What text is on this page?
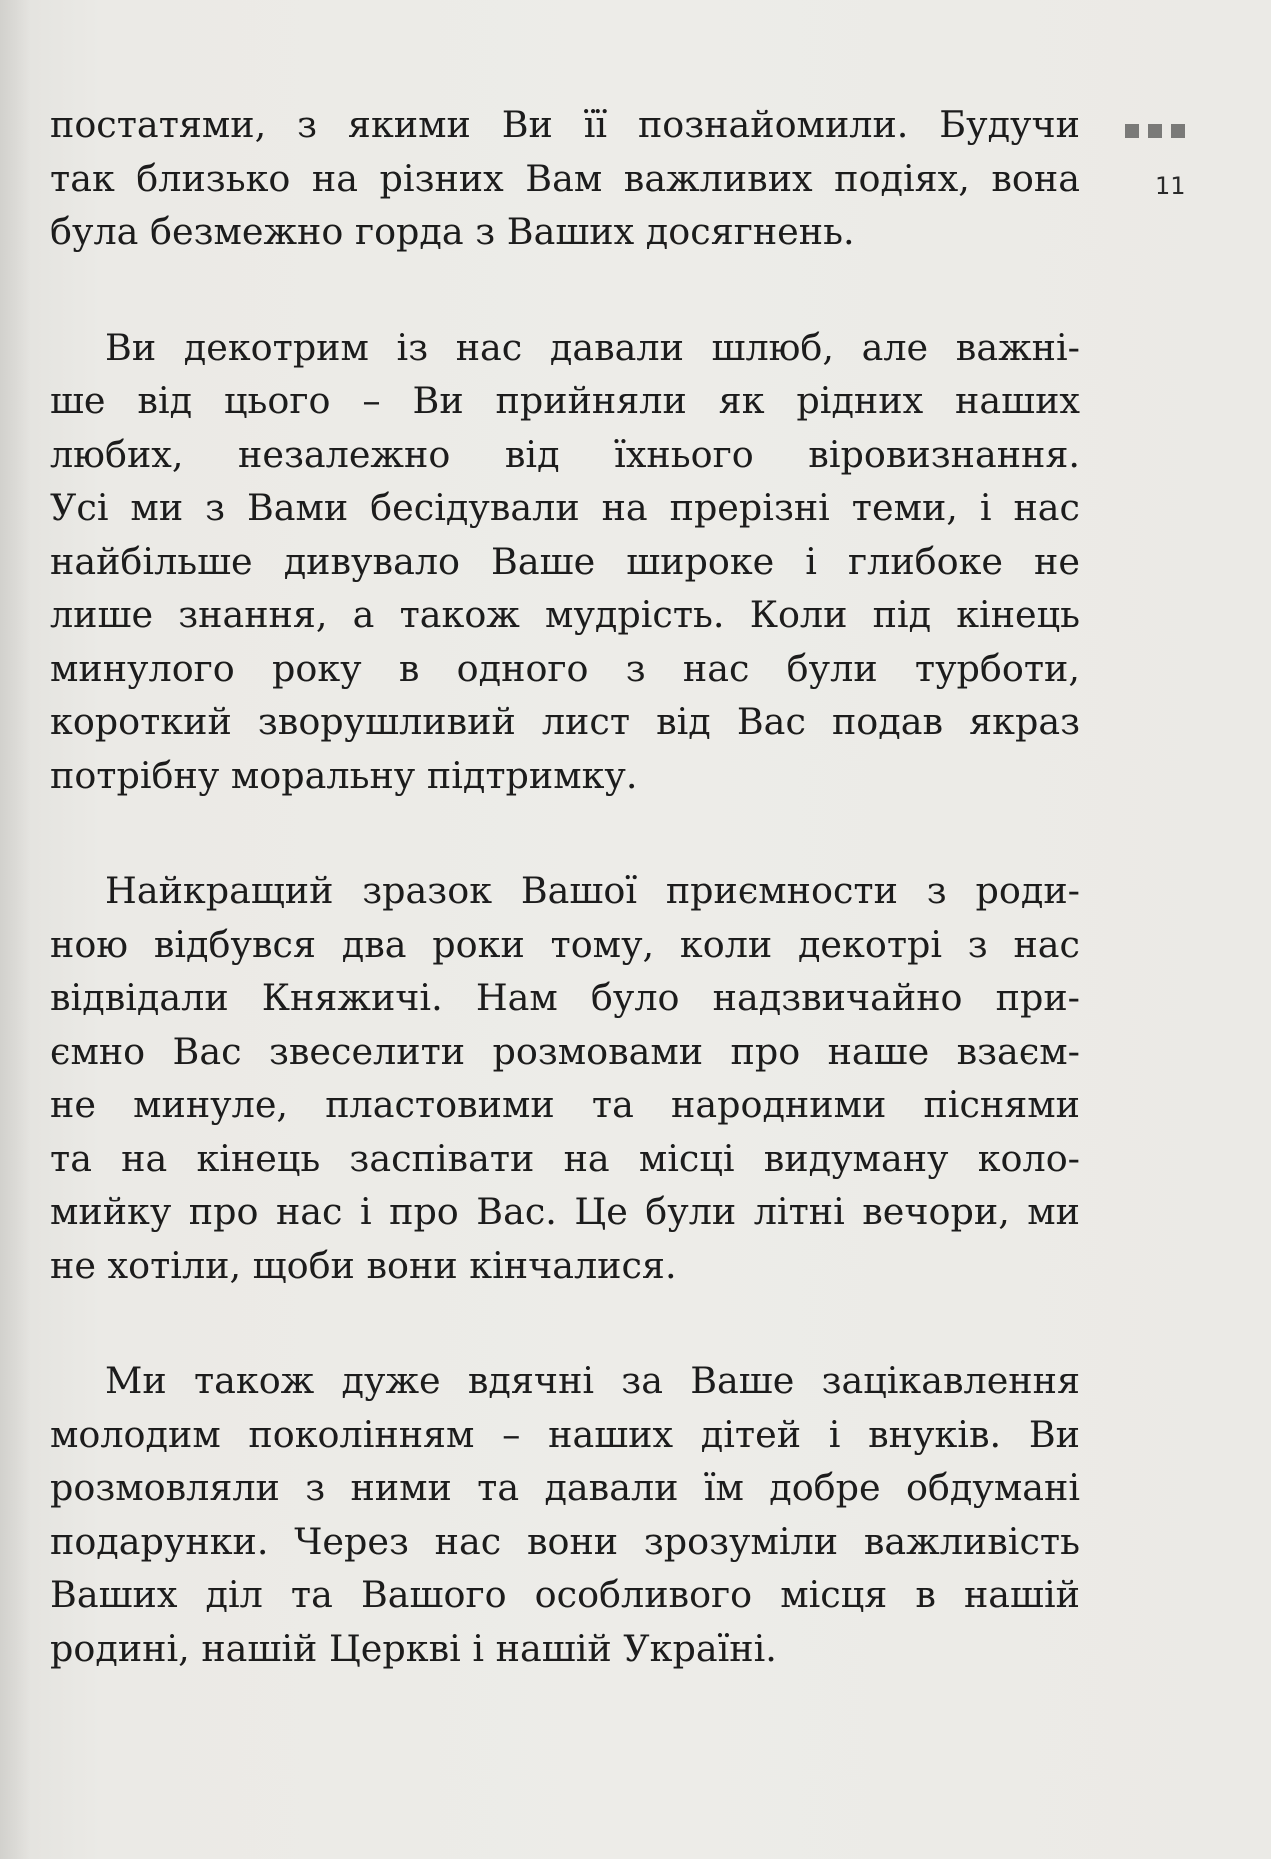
11

постатями, з якими Ви її познайомили. Будучи
так близько на різних Вам важливих подіях, вона
була безмежно горда з Ваших досягнень.

Ви декотрим із нас давали шлюб, але важні-
ше від цього – Ви прийняли як рідних наших
любих, незалежно від їхнього віровизнання.
Усі ми з Вами бесідували на прерізні теми, і нас
найбільше дивувало Ваше широке і глибоке не
лише знання, а також мудрість. Коли під кінець
минулого року в одного з нас були турботи,
короткий зворушливий лист від Вас подав якраз
потрібну моральну підтримку.

Найкращий зразок Вашої приємности з роди-
ною відбувся два роки тому, коли декотрі з нас
відвідали Княжичі. Нам було надзвичайно при-
ємно Вас звеселити розмовами про наше взаєм-
не минуле, пластовими та народними піснями
та на кінець заспівати на місці видуману коло-
мийку про нас і про Вас. Це були літні вечори, ми
не хотіли, щоби вони кінчалися.

Ми також дуже вдячні за Ваше зацікавлення
молодим поколінням – наших дітей і внуків. Ви
розмовляли з ними та давали їм добре обдумані
подарунки. Через нас вони зрозуміли важливість
Ваших діл та Вашого особливого місця в нашій
родині, нашій Церкві і нашій Україні.
